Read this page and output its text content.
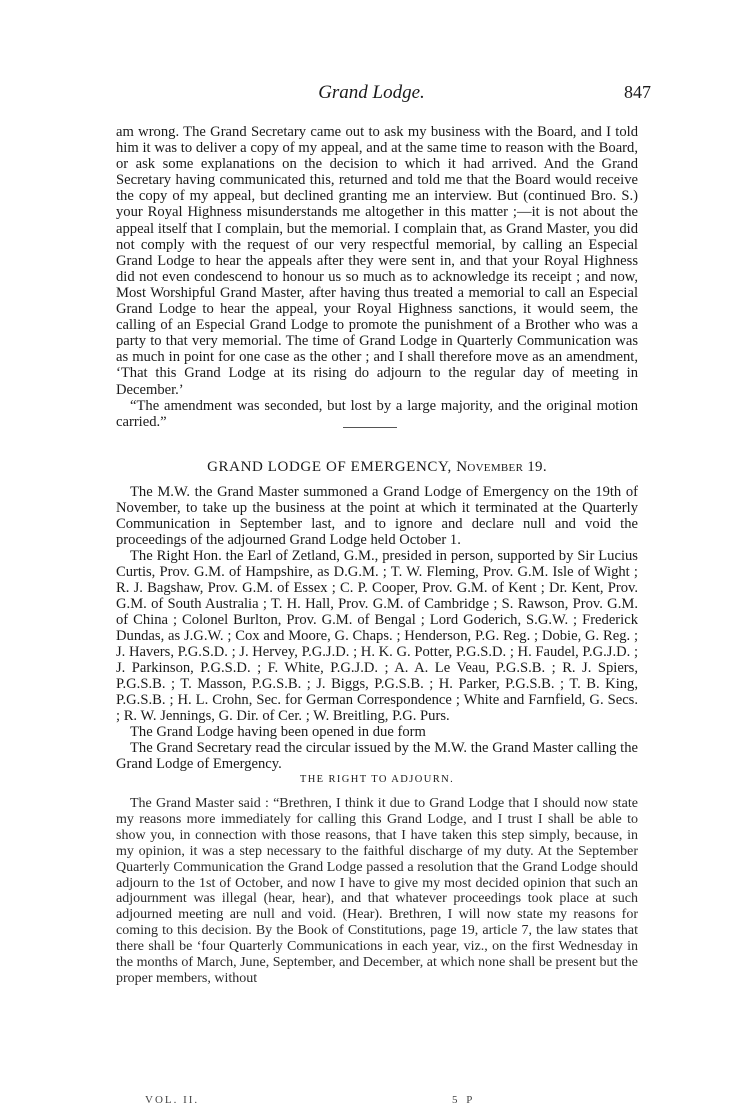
Grand Lodge.	847

am wrong. The Grand Secretary came out to ask my business with the Board, and I told him it was to deliver a copy of my appeal, and at the same time to reason with the Board, or ask some explanations on the decision to which it had arrived. And the Grand Secretary having communicated this, returned and told me that the Board would receive the copy of my appeal, but declined granting me an interview. But (continued Bro. S.) your Royal Highness misunderstands me altogether in this matter ;—it is not about the appeal itself that I complain, but the memorial. I complain that, as Grand Master, you did not comply with the request of our very respectful memorial, by calling an Especial Grand Lodge to hear the appeals after they were sent in, and that your Royal Highness did not even condescend to honour us so much as to acknowledge its receipt ; and now, Most Worshipful Grand Master, after having thus treated a memorial to call an Especial Grand Lodge to hear the appeal, your Royal Highness sanctions, it would seem, the calling of an Especial Grand Lodge to promote the punishment of a Brother who was a party to that very memorial. The time of Grand Lodge in Quarterly Communication was as much in point for one case as the other ; and I shall therefore move as an amendment, ‘That this Grand Lodge at its rising do adjourn to the regular day of meeting in December.’

“The amendment was seconded, but lost by a large majority, and the original motion carried.”

GRAND LODGE OF EMERGENCY, November 19.

The M.W. the Grand Master summoned a Grand Lodge of Emergency on the 19th of November, to take up the business at the point at which it terminated at the Quarterly Communication in September last, and to ignore and declare null and void the proceedings of the adjourned Grand Lodge held October 1.

The Right Hon. the Earl of Zetland, G.M., presided in person, supported by Sir Lucius Curtis, Prov. G.M. of Hampshire, as D.G.M. ; T. W. Fleming, Prov. G.M. Isle of Wight ; R. J. Bagshaw, Prov. G.M. of Essex ; C. P. Cooper, Prov. G.M. of Kent ; Dr. Kent, Prov. G.M. of South Australia ; T. H. Hall, Prov. G.M. of Cambridge ; S. Rawson, Prov. G.M. of China ; Colonel Burlton, Prov. G.M. of Bengal ; Lord Goderich, S.G.W. ; Frederick Dundas, as J.G.W. ; Cox and Moore, G. Chaps. ; Henderson, P.G. Reg. ; Dobie, G. Reg. ; J. Havers, P.G.S.D. ; J. Hervey, P.G.J.D. ; H. K. G. Potter, P.G.S.D. ; H. Faudel, P.G.J.D. ; J. Parkinson, P.G.S.D. ; F. White, P.G.J.D. ; A. A. Le Veau, P.G.S.B. ; R. J. Spiers, P.G.S.B. ; T. Masson, P.G.S.B. ; J. Biggs, P.G.S.B. ; H. Parker, P.G.S.B. ; T. B. King, P.G.S.B. ; H. L. Crohn, Sec. for German Correspondence ; White and Farnfield, G. Secs. ; R. W. Jennings, G. Dir. of Cer. ; W. Breitling, P.G. Purs.

The Grand Lodge having been opened in due form

The Grand Secretary read the circular issued by the M.W. the Grand Master calling the Grand Lodge of Emergency.

THE RIGHT TO ADJOURN.

The Grand Master said : “Brethren, I think it due to Grand Lodge that I should now state my reasons more immediately for calling this Grand Lodge, and I trust I shall be able to show you, in connection with those reasons, that I have taken this step simply, because, in my opinion, it was a step necessary to the faithful discharge of my duty. At the September Quarterly Communication the Grand Lodge passed a resolution that the Grand Lodge should adjourn to the 1st of October, and now I have to give my most decided opinion that such an adjournment was illegal (hear, hear), and that whatever proceedings took place at such adjourned meeting are null and void. (Hear). Brethren, I will now state my reasons for coming to this decision. By the Book of Constitutions, page 19, article 7, the law states that there shall be ‘four Quarterly Communications in each year, viz., on the first Wednesday in the months of March, June, September, and December, at which none shall be present but the proper members, without

VOL. II.	5 P
